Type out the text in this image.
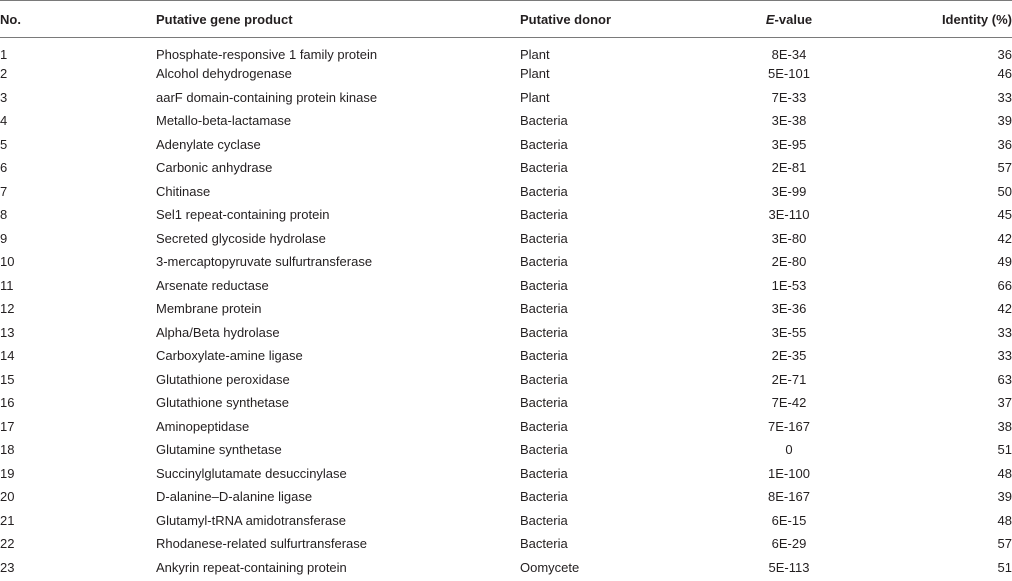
No.	Putative gene product	Putative donor	E-value	Identity (%)
1	Phosphate-responsive 1 family protein	Plant	8E-34	36
2	Alcohol dehydrogenase	Plant	5E-101	46
3	aarF domain-containing protein kinase	Plant	7E-33	33
4	Metallo-beta-lactamase	Bacteria	3E-38	39
5	Adenylate cyclase	Bacteria	3E-95	36
6	Carbonic anhydrase	Bacteria	2E-81	57
7	Chitinase	Bacteria	3E-99	50
8	Sel1 repeat-containing protein	Bacteria	3E-110	45
9	Secreted glycoside hydrolase	Bacteria	3E-80	42
10	3-mercaptopyruvate sulfurtransferase	Bacteria	2E-80	49
11	Arsenate reductase	Bacteria	1E-53	66
12	Membrane protein	Bacteria	3E-36	42
13	Alpha/Beta hydrolase	Bacteria	3E-55	33
14	Carboxylate-amine ligase	Bacteria	2E-35	33
15	Glutathione peroxidase	Bacteria	2E-71	63
16	Glutathione synthetase	Bacteria	7E-42	37
17	Aminopeptidase	Bacteria	7E-167	38
18	Glutamine synthetase	Bacteria	0	51
19	Succinylglutamate desuccinylase	Bacteria	1E-100	48
20	D-alanine–D-alanine ligase	Bacteria	8E-167	39
21	Glutamyl-tRNA amidotransferase	Bacteria	6E-15	48
22	Rhodanese-related sulfurtransferase	Bacteria	6E-29	57
23	Ankyrin repeat-containing protein	Oomycete	5E-113	51
